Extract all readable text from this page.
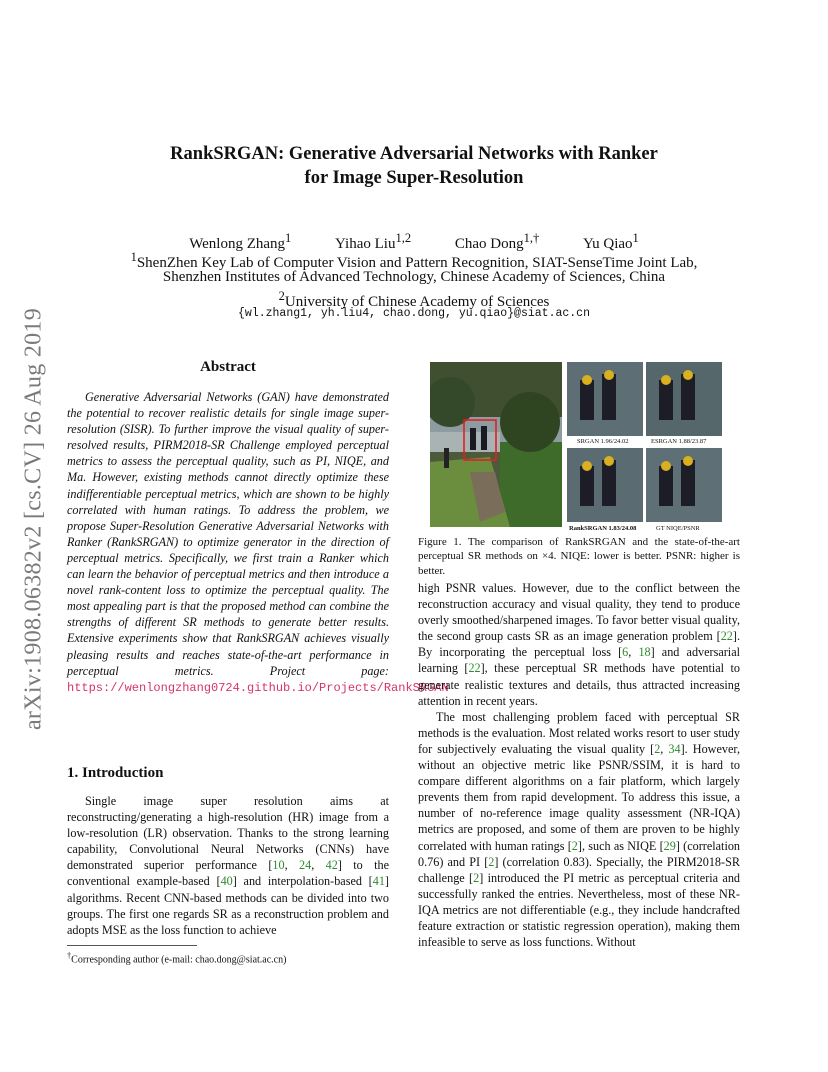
arXiv:1908.06382v2 [cs.CV] 26 Aug 2019
RankSRGAN: Generative Adversarial Networks with Ranker
for Image Super-Resolution
Wenlong Zhang$^1$	Yihao Liu$^{1,2}$	Chao Dong$^{1,\dagger}$	Yu Qiao$^1$
$^1$ShenZhen Key Lab of Computer Vision and Pattern Recognition, SIAT-SenseTime Joint Lab,
Shenzhen Institutes of Advanced Technology, Chinese Academy of Sciences, China
$^2$University of Chinese Academy of Sciences
{wl.zhang1, yh.liu4, chao.dong, yu.qiao}@siat.ac.cn
Abstract

Generative Adversarial Networks (GAN) have demonstrated the potential to recover realistic details for single image super-resolution (SISR). To further improve the visual quality of super-resolved results, PIRM2018-SR Challenge employed perceptual metrics to assess the perceptual quality, such as PI, NIQE, and Ma. However, existing methods cannot directly optimize these indifferentiable perceptual metrics, which are shown to be highly correlated with human ratings. To address the problem, we propose Super-Resolution Generative Adversarial Networks with Ranker (RankSRGAN) to optimize generator in the direction of perceptual metrics. Specifically, we first train a Ranker which can learn the behavior of perceptual metrics and then introduce a novel rank-content loss to optimize the perceptual quality. The most appealing part is that the proposed method can combine the strengths of different SR methods to generate better results. Extensive experiments show that RankSRGAN achieves visually pleasing results and reaches state-of-the-art performance in perceptual metrics. Project page: https://wenlongzhang0724.github.io/Projects/RankSRGAN

1. Introduction

Single image super resolution aims at reconstructing/generating a high-resolution (HR) image from a low-resolution (LR) observation. Thanks to the strong learning capability, Convolutional Neural Networks (CNNs) have demonstrated superior performance [10, 24, 42] to the conventional example-based [40] and interpolation-based [41] algorithms. Recent CNN-based methods can be divided into two groups. The first one regards SR as a reconstruction problem and adopts MSE as the loss function to achieve

†Corresponding author (e-mail: chao.dong@siat.ac.cn)
SRGAN 1.96/24.02	ESRGAN 1.88/23.87
RankSRGAN 1.83/24.08	GT NIQE/PSNR
Figure 1. The comparison of RankSRGAN and the state-of-the-art perceptual SR methods on ×4. NIQE: lower is better. PSNR: higher is better.

high PSNR values. However, due to the conflict between the reconstruction accuracy and visual quality, they tend to produce overly smoothed/sharpened images. To favor better visual quality, the second group casts SR as an image generation problem [22]. By incorporating the perceptual loss [6, 18] and adversarial learning [22], these perceptual SR methods have potential to generate realistic textures and details, thus attracted increasing attention in recent years.

The most challenging problem faced with perceptual SR methods is the evaluation. Most related works resort to user study for subjectively evaluating the visual quality [2, 34]. However, without an objective metric like PSNR/SSIM, it is hard to compare different algorithms on a fair platform, which largely prevents them from rapid development. To address this issue, a number of no-reference image quality assessment (NR-IQA) metrics are proposed, and some of them are proven to be highly correlated with human ratings [2], such as NIQE [29] (correlation 0.76) and PI [2] (correlation 0.83). Specially, the PIRM2018-SR challenge [2] introduced the PI metric as perceptual criteria and successfully ranked the entries. Nevertheless, most of these NR-IQA metrics are not differentiable (e.g., they include handcrafted feature extraction or statistic regression operation), making them infeasible to serve as loss functions. Without
